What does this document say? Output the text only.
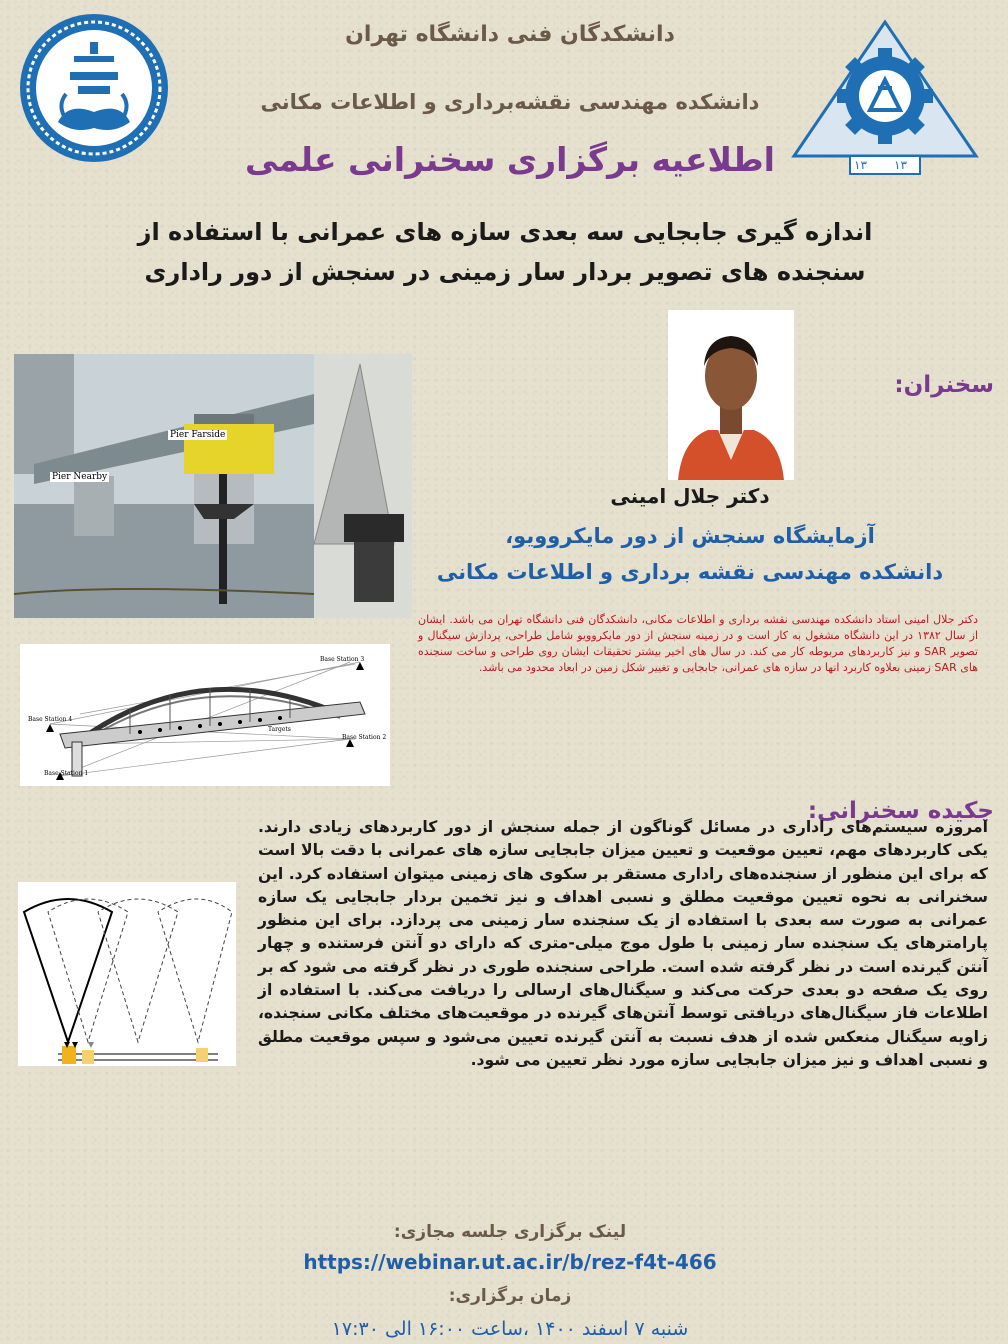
۱۳ ۱۳
دانشکدگان فنی دانشگاه تهران
دانشکده مهندسی نقشه‌برداری و اطلاعات مکانی
اطلاعیه برگزاری سخنرانی علمی
اندازه گیری جابجایی سه بعدی سازه های عمرانی با استفاده از
سنجنده های تصویر بردار سار زمینی در سنجش از دور راداری
Pier Nearby
Pier Farside
سخنران:
دکتر جلال امینی
آزمایشگاه سنجش از دور مایکروویو،
دانشکده مهندسی نقشه برداری و اطلاعات مکانی
دکتر جلال امینی استاد دانشکده مهندسی نقشه برداری و اطلاعات مکانی، دانشکدگان فنی دانشگاه تهران می باشد. ایشان از سال ۱۳۸۲ در این دانشگاه مشغول به کار است و در زمینه سنجش از دور مایکروویو شامل طراحی، پردازش سیگنال و تصویر SAR و نیز کاربردهای مربوطه کار می کند. در سال های اخیر بیشتر تحقیقات ایشان روی طراحی و ساخت سنجنده های SAR زمینی بعلاوه کاربرد انها در سازه های عمرانی، جابجایی و تغییر شکل زمین در ابعاد محدود می باشد.
Base Station 3
Base Station 4
Base Station 2
Base Station 1
Targets
چکیده سخنرانی:
امروزه سیستم‌های راداری در مسائل گوناگون از جمله سنجش از دور کاربردهای زیادی دارند. یکی کاربردهای مهم، تعیین موقعیت و تعیین میزان جابجایی سازه های عمرانی با دقت بالا است که برای این منظور از سنجنده‌های راداری مستقر بر سکوی های زمینی میتوان استفاده کرد. این سخنرانی به نحوه تعیین موقعیت مطلق و نسبی اهداف و نیز تخمین بردار جابجایی یک سازه عمرانی به صورت سه بعدی با استفاده از یک سنجنده سار زمینی می پردازد. برای این منظور پارامترهای یک سنجنده سار زمینی با طول موج میلی-متری که دارای دو آنتن فرستنده و چهار آنتن گیرنده است در نظر گرفته شده است. طراحی سنجنده طوری در نظر گرفته می شود که بر روی یک صفحه دو بعدی حرکت می‌کند و سیگنال‌های ارسالی را دریافت می‌کند. با استفاده از اطلاعات فاز سیگنال‌های دریافتی توسط آنتن‌های گیرنده در موقعیت‌های مختلف مکانی سنجنده، زاویه سیگنال منعکس شده از هدف نسبت به آنتن گیرنده تعیین می‌شود و سپس موقعیت مطلق و نسبی اهداف و نیز میزان جابجایی سازه مورد نظر تعیین می شود.
لینک برگزاری جلسه مجازی:
https://webinar.ut.ac.ir/b/rez-f4t-466
زمان برگزاری:
شنبه ۷ اسفند ۱۴۰۰ ،ساعت ۱۶:۰۰ الی ۱۷:۳۰
